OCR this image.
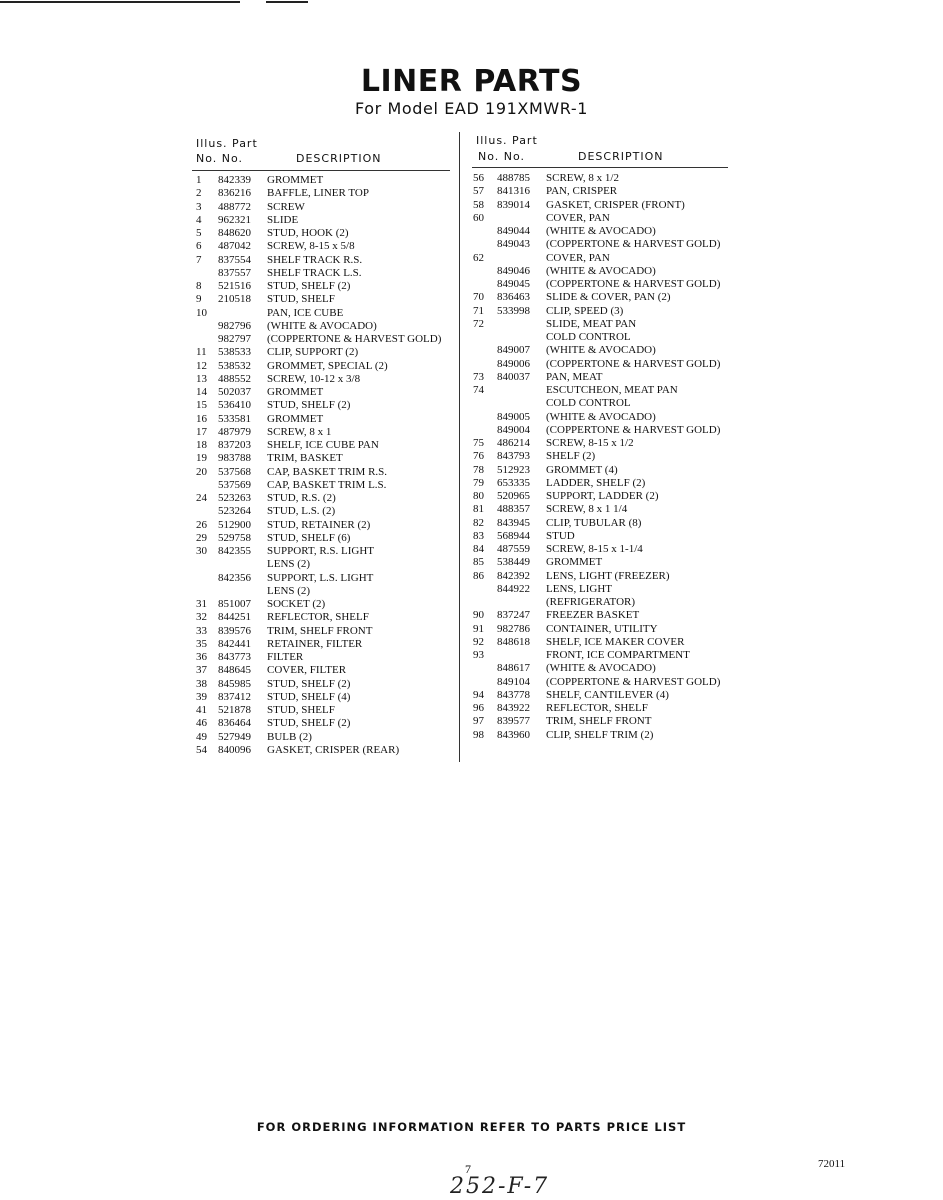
LINER PARTS
For Model EAD 191XMWR-1
Illus. Part
No. No.	DESCRIPTION
Illus. Part
No. No.	DESCRIPTION
1 842339 GROMMET
2 836216 BAFFLE, LINER TOP
3 488772 SCREW
4 962321 SLIDE
5 848620 STUD, HOOK (2)
6 487042 SCREW, 8-15 x 5/8
7 837554 SHELF TRACK R.S.
837557 SHELF TRACK L.S.
8 521516 STUD, SHELF (2)
9 210518 STUD, SHELF
10	PAN, ICE CUBE
982796 (WHITE & AVOCADO)
982797 (COPPERTONE & HARVEST GOLD)
11 538533 CLIP, SUPPORT (2)
12 538532 GROMMET, SPECIAL (2)
13 488552 SCREW, 10-12 x 3/8
14 502037 GROMMET
15 536410 STUD, SHELF (2)
16 533581 GROMMET
17 487979 SCREW, 8 x 1
18 837203 SHELF, ICE CUBE PAN
19 983788 TRIM, BASKET
20 537568 CAP, BASKET TRIM R.S.
537569 CAP, BASKET TRIM L.S.
24 523263 STUD, R.S. (2)
523264 STUD, L.S. (2)
26 512900 STUD, RETAINER (2)
29 529758 STUD, SHELF (6)
30 842355 SUPPORT, R.S. LIGHT
LENS (2)
842356 SUPPORT, L.S. LIGHT
LENS (2)
31 851007 SOCKET (2)
32 844251 REFLECTOR, SHELF
33 839576 TRIM, SHELF FRONT
35 842441 RETAINER, FILTER
36 843773 FILTER
37 848645 COVER, FILTER
38 845985 STUD, SHELF (2)
39 837412 STUD, SHELF (4)
41 521878 STUD, SHELF
46 836464 STUD, SHELF (2)
49 527949 BULB (2)
54 840096 GASKET, CRISPER (REAR)
56 488785 SCREW, 8 x 1/2
57 841316 PAN, CRISPER
58 839014 GASKET, CRISPER (FRONT)
60	COVER, PAN
849044 (WHITE & AVOCADO)
849043 (COPPERTONE & HARVEST GOLD)
62	COVER, PAN
849046 (WHITE & AVOCADO)
849045 (COPPERTONE & HARVEST GOLD)
70 836463 SLIDE & COVER, PAN (2)
71 533998 CLIP, SPEED (3)
72	SLIDE, MEAT PAN
COLD CONTROL
849007 (WHITE & AVOCADO)
849006 (COPPERTONE & HARVEST GOLD)
73 840037 PAN, MEAT
74	ESCUTCHEON, MEAT PAN
COLD CONTROL
849005 (WHITE & AVOCADO)
849004 (COPPERTONE & HARVEST GOLD)
75 486214 SCREW, 8-15 x 1/2
76 843793 SHELF (2)
78 512923 GROMMET (4)
79 653335 LADDER, SHELF (2)
80 520965 SUPPORT, LADDER (2)
81 488357 SCREW, 8 x 1 1/4
82 843945 CLIP, TUBULAR (8)
83 568944 STUD
84 487559 SCREW, 8-15 x 1-1/4
85 538449 GROMMET
86 842392 LENS, LIGHT (FREEZER)
844922 LENS, LIGHT
(REFRIGERATOR)
90 837247 FREEZER BASKET
91 982786 CONTAINER, UTILITY
92 848618 SHELF, ICE MAKER COVER
93	FRONT, ICE COMPARTMENT
848617 (WHITE & AVOCADO)
849104 (COPPERTONE & HARVEST GOLD)
94 843778 SHELF, CANTILEVER (4)
96 843922 REFLECTOR, SHELF
97 839577 TRIM, SHELF FRONT
98 843960 CLIP, SHELF TRIM (2)
FOR ORDERING INFORMATION REFER TO PARTS PRICE LIST
7	72011
252-F-7
